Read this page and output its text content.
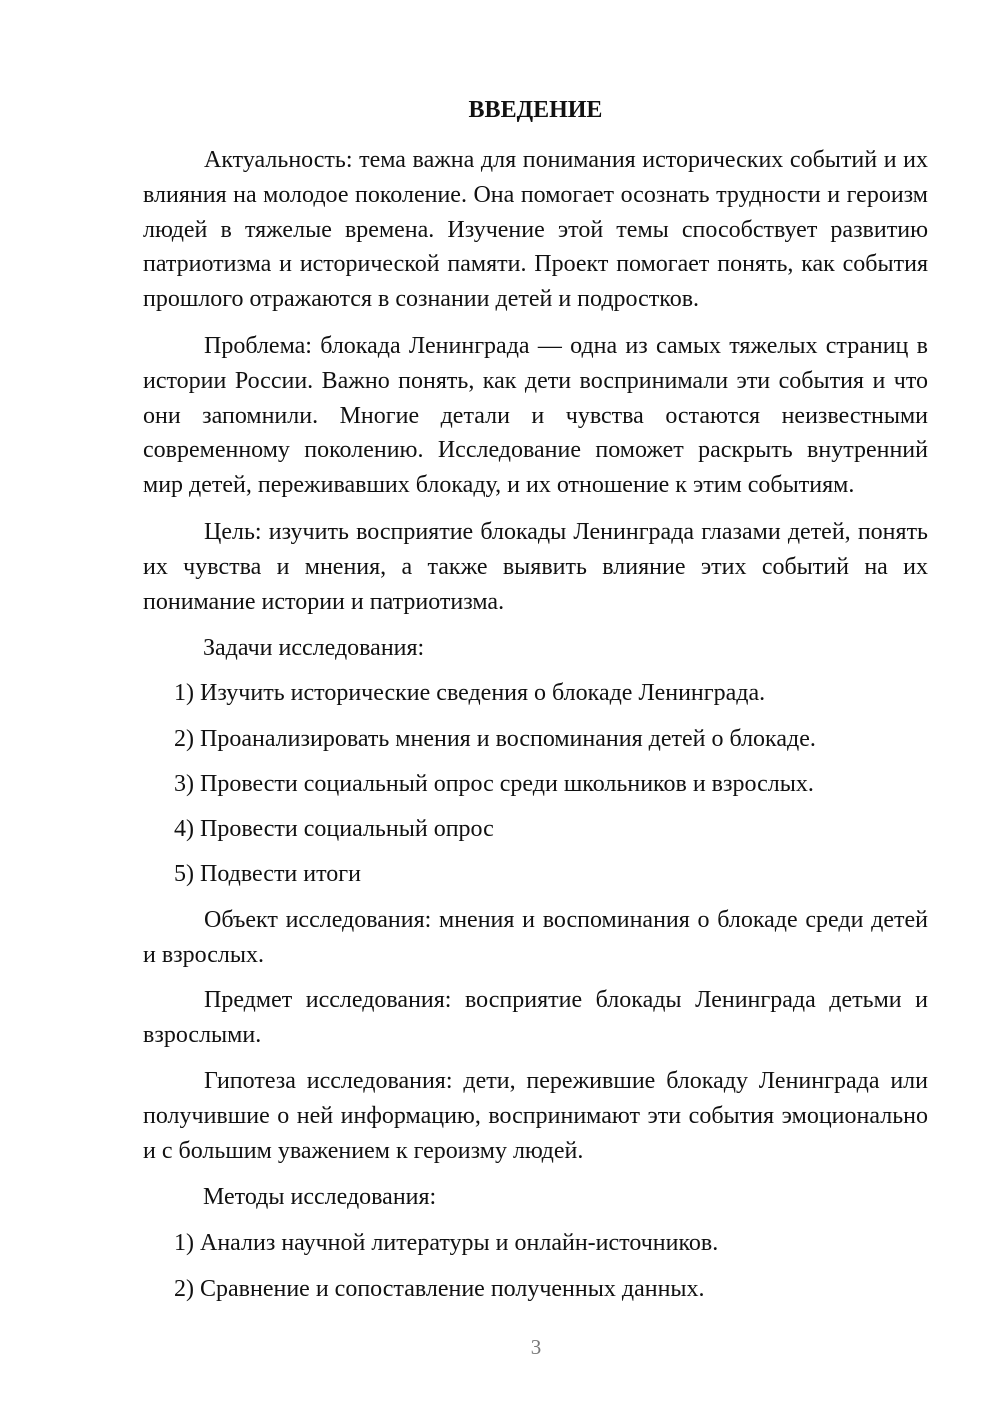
ВВЕДЕНИЕ

Актуальность: тема важна для понимания исторических событий и их влияния на молодое поколение. Она помогает осознать трудности и героизм людей в тяжелые времена. Изучение этой темы способствует развитию патриотизма и исторической памяти. Проект помогает понять, как события прошлого отражаются в сознании детей и подростков.

Проблема: блокада Ленинграда — одна из самых тяжелых страниц в истории России. Важно понять, как дети воспринимали эти события и что они запомнили. Многие детали и чувства остаются неизвестными современному поколению. Исследование поможет раскрыть внутренний мир детей, переживавших блокаду, и их отношение к этим событиям.

Цель: изучить восприятие блокады Ленинграда глазами детей, понять их чувства и мнения, а также выявить влияние этих событий на их понимание истории и патриотизма.

Задачи исследования:

1) Изучить исторические сведения о блокаде Ленинграда.

2) Проанализировать мнения и воспоминания детей о блокаде.

3) Провести социальный опрос среди школьников и взрослых.

4) Провести социальный опрос

5) Подвести итоги

Объект исследования: мнения и воспоминания о блокаде среди детей и взрослых.

Предмет исследования: восприятие блокады Ленинграда детьми и взрослыми.

Гипотеза исследования: дети, пережившие блокаду Ленинграда или получившие о ней информацию, воспринимают эти события эмоционально и с большим уважением к героизму людей.

Методы исследования:

1) Анализ научной литературы и онлайн-источников.

2) Сравнение и сопоставление полученных данных.

3
